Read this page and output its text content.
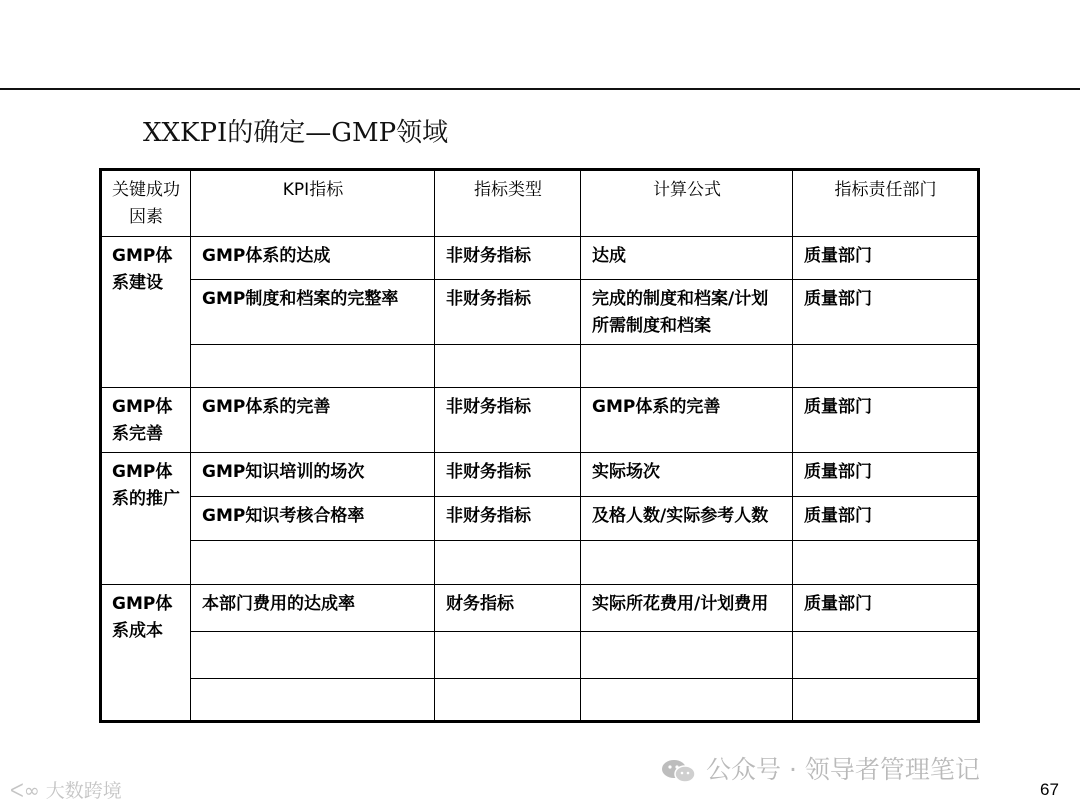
XXKPI的确定—GMP领域
关键成功因素	KPI指标	指标类型	计算公式	指标责任部门
GMP体系建设	GMP体系的达成	非财务指标	达成	质量部门
	GMP制度和档案的完整率	非财务指标	完成的制度和档案/计划所需制度和档案	质量部门

GMP体系完善	GMP体系的完善	非财务指标	GMP体系的完善	质量部门
GMP体系的推广	GMP知识培训的场次	非财务指标	实际场次	质量部门
	GMP知识考核合格率	非财务指标	及格人数/实际参考人数	质量部门

GMP体系成本	本部门费用的达成率	财务指标	实际所花费用/计划费用	质量部门

公众号 · 领导者管理笔记
ᐸ∞ 大数跨境	67
